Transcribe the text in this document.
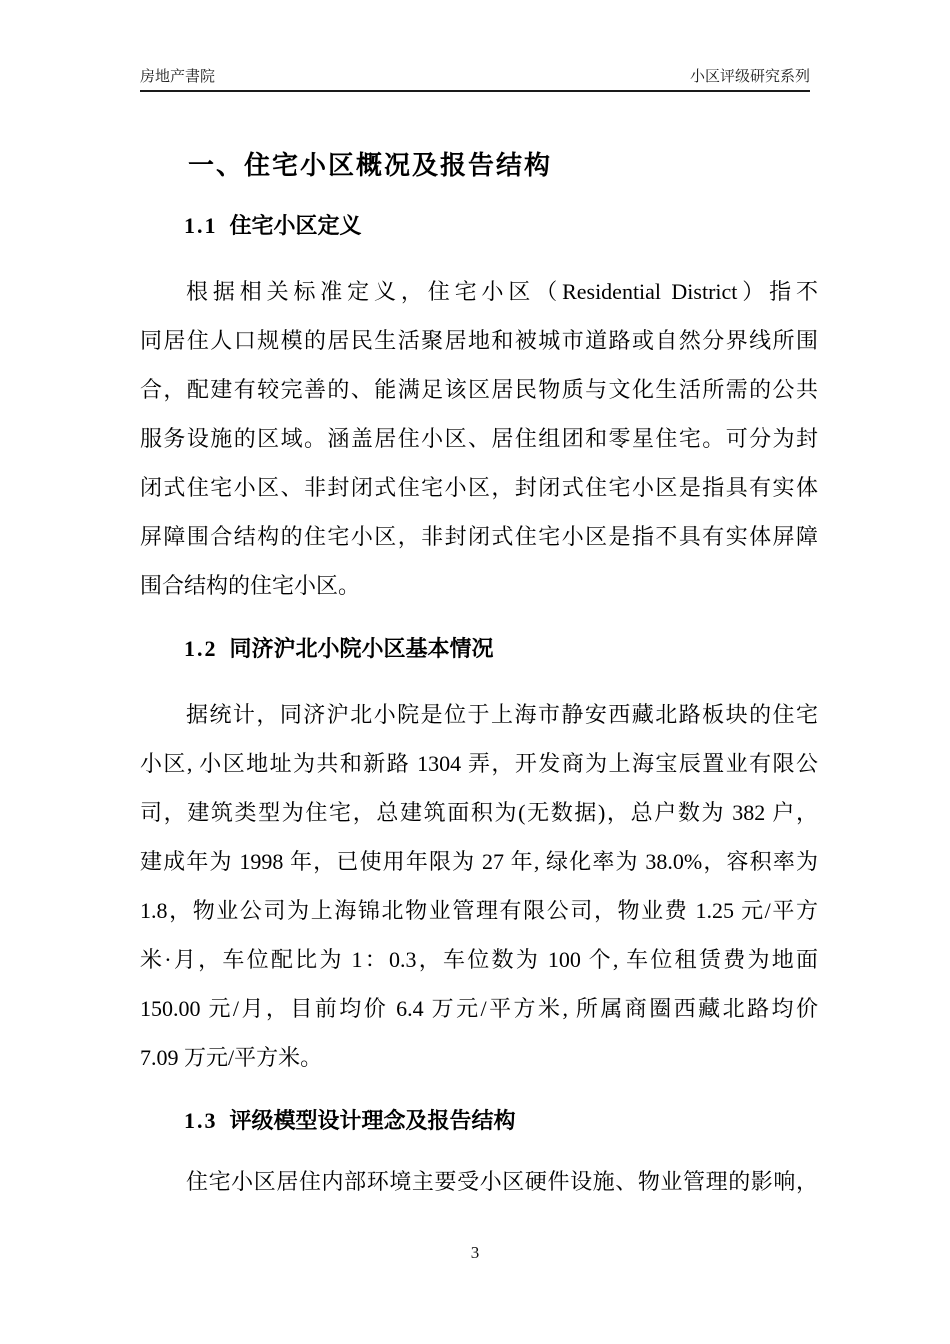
房地产書院	小区评级研究系列
一、住宅小区概况及报告结构
1.1 住宅小区定义
根据相关标准定义，住宅小区（Residential District）指不
同居住人口规模的居民生活聚居地和被城市道路或自然分界线所围
合，配建有较完善的、能满足该区居民物质与文化生活所需的公共
服务设施的区域。涵盖居住小区、居住组团和零星住宅。可分为封
闭式住宅小区、非封闭式住宅小区，封闭式住宅小区是指具有实体
屏障围合结构的住宅小区，非封闭式住宅小区是指不具有实体屏障
围合结构的住宅小区。
1.2 同济沪北小院小区基本情况
据统计，同济沪北小院是位于上海市静安西藏北路板块的住宅
小区, 小区地址为共和新路 1304 弄，开发商为上海宝辰置业有限公
司，建筑类型为住宅，总建筑面积为(无数据)，总户数为 382 户，
建成年为 1998 年，已使用年限为 27 年, 绿化率为 38.0%，容积率为
1.8，物业公司为上海锦北物业管理有限公司，物业费 1.25 元/平方
米·月，车位配比为 1：0.3，车位数为 100 个, 车位租赁费为地面
150.00 元/月，目前均价 6.4 万元/平方米, 所属商圈西藏北路均价
7.09 万元/平方米。
1.3 评级模型设计理念及报告结构
住宅小区居住内部环境主要受小区硬件设施、物业管理的影响，
3
